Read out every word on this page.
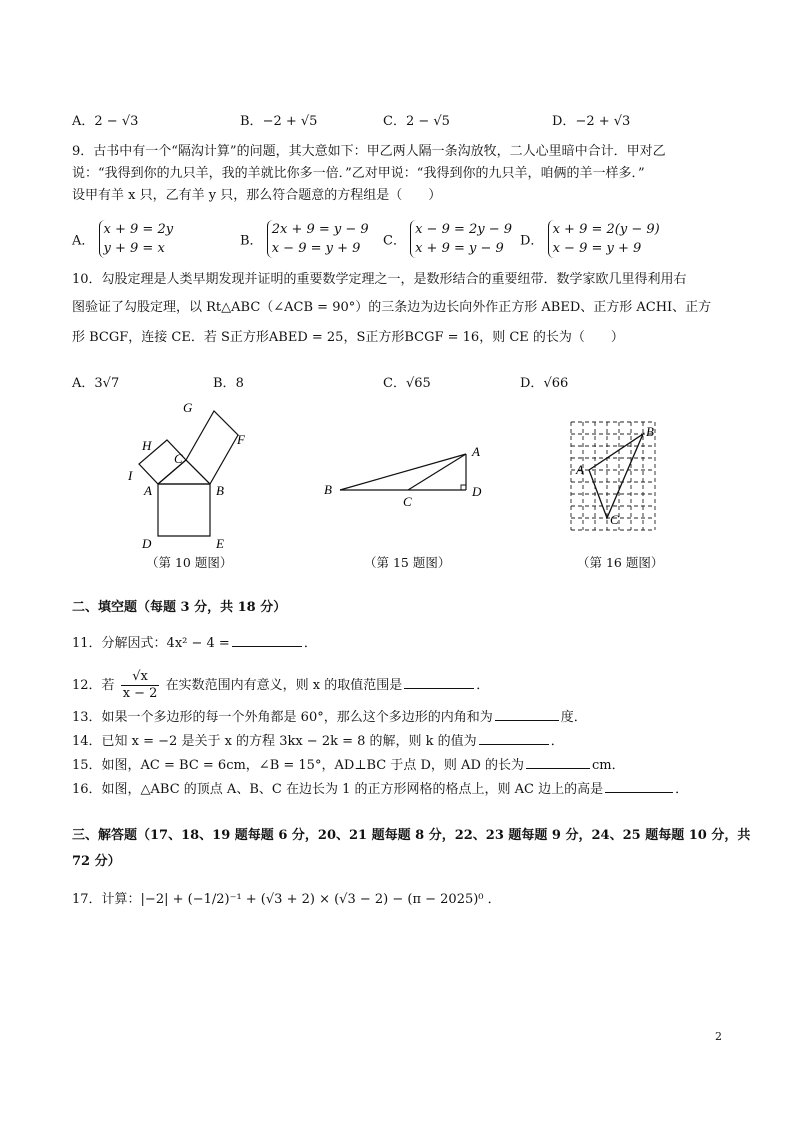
A．2 − √3	B．−2 + √5	C．2 − √5	D．−2 + √3
9．古书中有一个“隔沟计算”的问题，其大意如下：甲乙两人隔一条沟放牧，二人心里暗中合计．甲对乙
说：“我得到你的九只羊，我的羊就比你多一倍．”乙对甲说：“我得到你的九只羊，咱俩的羊一样多．”
设甲有羊 x 只，乙有羊 y 只，那么符合题意的方程组是（　　）
A． x + 9 = 2y
y + 9 = x	B． 2x + 9 = y − 9
x − 9 = y + 9	C． x − 9 = 2y − 9
x + 9 = y − 9	D． x + 9 = 2(y − 9)
x − 9 = y + 9
10．勾股定理是人类早期发现并证明的重要数学定理之一，是数形结合的重要纽带．数学家欧几里得利用右
图验证了勾股定理，以 Rt△ABC（∠ACB = 90°）的三条边为边长向外作正方形 ABED、正方形 ACHI、正方
形 BCGF，连接 CE．若 S正方形ABED = 25，S正方形BCGF = 16，则 CE 的长为（　　）
A．3√7	B．8	C．√65	D．√66
G
F
H
C
I
A	B
D	E
（第 10 题图）
A
B
C
D
（第 15 题图）
B
A
C
（第 16 题图）
二、填空题（每题 3 分，共 18 分）
11．分解因式：4x² − 4 =	．
12．若 $\frac{√x}{x - 2}$ 在实数范围内有意义，则 x 的取值范围是	．
13．如果一个多边形的每一个外角都是 60°，那么这个多边形的内角和为	度．
14．已知 x = −2 是关于 x 的方程 3kx − 2k = 8 的解，则 k 的值为	．
15．如图，AC = BC = 6cm，∠B = 15°，AD⊥BC 于点 D，则 AD 的长为	cm．
16．如图，△ABC 的顶点 A、B、C 在边长为 1 的正方形网格的格点上，则 AC 边上的高是	．
三、解答题（17、18、19 题每题 6 分，20、21 题每题 8 分，22、23 题每题 9 分，24、25 题每题 10 分，共
72 分）
17．计算：|−2| + (−1/2)⁻¹ + (√3 + 2) × (√3 − 2) − (π − 2025)⁰ ．
2
